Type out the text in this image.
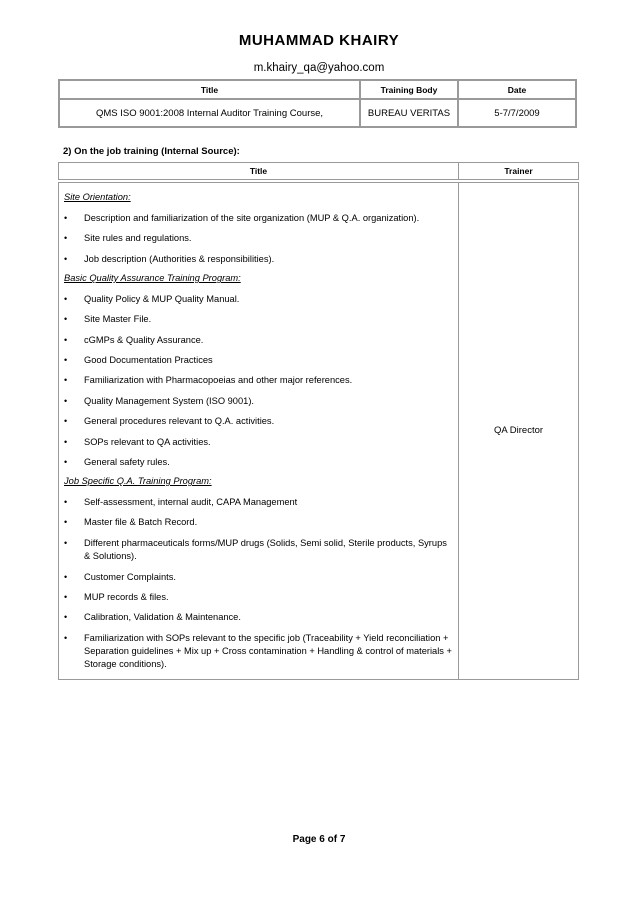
MUHAMMAD KHAIRY
m.khairy_qa@yahoo.com
Title	Training Body	Date
QMS ISO 9001:2008 Internal Auditor Training Course,	BUREAU VERITAS	5-7/7/2009
2) On the job training (Internal Source):
Title	Trainer
Site Orientation:
•	Description and familiarization of the site organization (MUP & Q.A. organization).
•	Site rules and regulations.
•	Job description (Authorities & responsibilities).
Basic Quality Assurance Training Program:
•	Quality Policy & MUP Quality Manual.
•	Site Master File.
•	cGMPs & Quality Assurance.
•	Good Documentation Practices
•	Familiarization with Pharmacopoeias and other major references.
•	Quality Management System (ISO 9001).
•	General procedures relevant to Q.A. activities.
•	SOPs relevant to QA activities.
•	General safety rules.
Job Specific Q.A. Training Program:
•	Self-assessment, internal audit, CAPA Management
•	Master file & Batch Record.
•	Different pharmaceuticals forms/MUP drugs (Solids, Semi solid, Sterile products, Syrups & Solutions).
•	Customer Complaints.
•	MUP records & files.
•	Calibration, Validation & Maintenance.
•	Familiarization with SOPs relevant to the specific job (Traceability + Yield reconciliation + Separation guidelines + Mix up + Cross contamination + Handling & control of materials + Storage conditions).
QA Director
Page 6 of 7
